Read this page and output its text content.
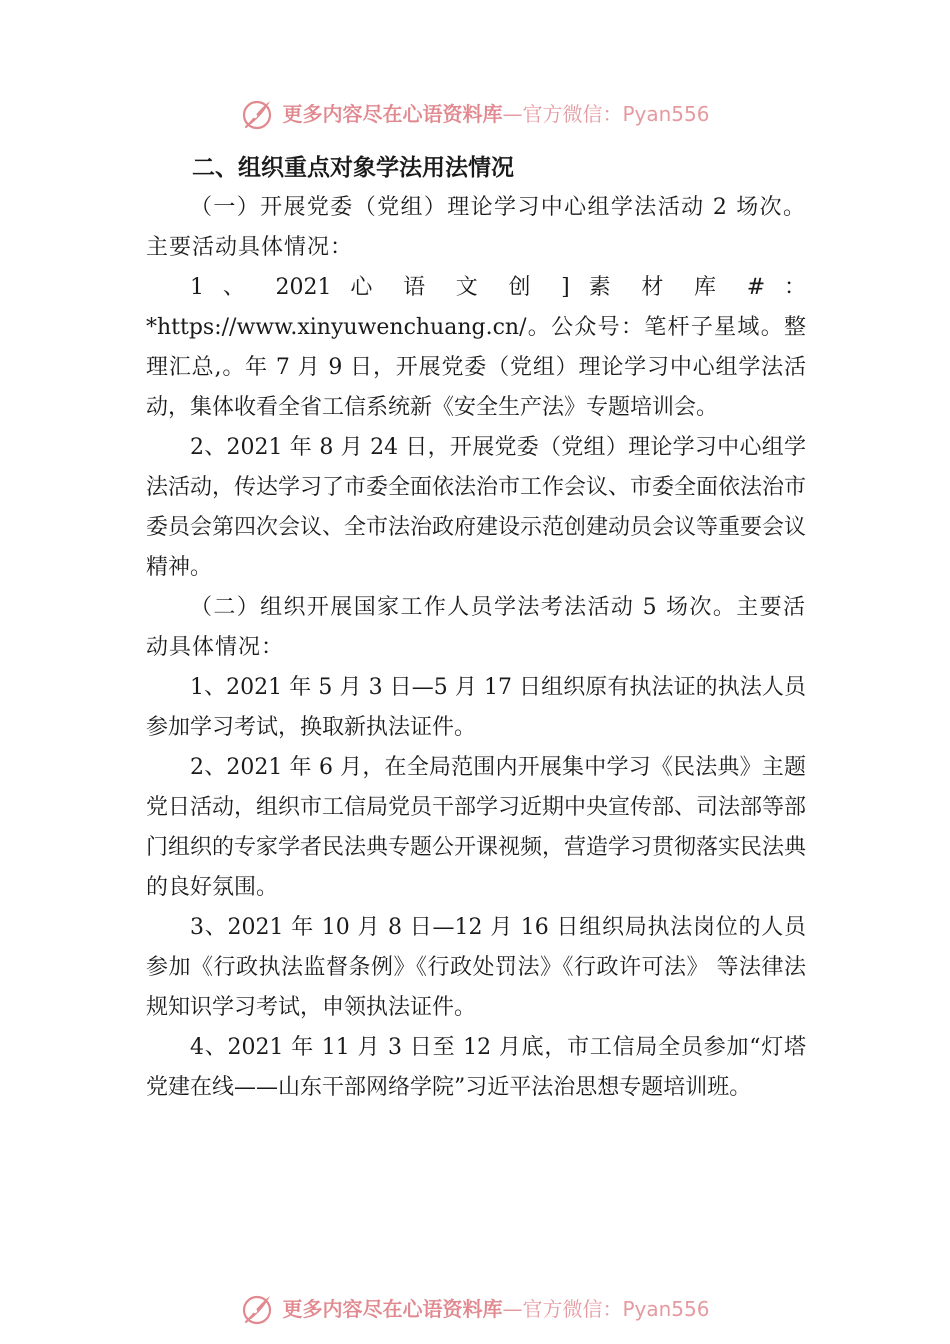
更多内容尽在心语资料库—官方微信：Pyan556

二、组织重点对象学法用法情况

（一）开展党委（党组）理论学习中心组学法活动 2 场次。主要活动具体情况：

1 、 2021 心 语 文 创 ] 素 材 库 # ：*https://www.xinyuwenchuang.cn/。公众号：笔杆子星域。整理汇总,。年 7 月 9 日，开展党委（党组）理论学习中心组学法活动，集体收看全省工信系统新《安全生产法》专题培训会。

2、2021 年 8 月 24 日，开展党委（党组）理论学习中心组学法活动，传达学习了市委全面依法治市工作会议、市委全面依法治市委员会第四次会议、全市法治政府建设示范创建动员会议等重要会议精神。

（二）组织开展国家工作人员学法考法活动 5 场次。主要活动具体情况：

1、2021 年 5 月 3 日—5 月 17 日组织原有执法证的执法人员参加学习考试，换取新执法证件。

2、2021 年 6 月，在全局范围内开展集中学习《民法典》主题党日活动，组织市工信局党员干部学习近期中央宣传部、司法部等部门组织的专家学者民法典专题公开课视频，营造学习贯彻落实民法典的良好氛围。

3、2021 年 10 月 8 日—12 月 16 日组织局执法岗位的人员参加《行政执法监督条例》《行政处罚法》《行政许可法》 等法律法规知识学习考试，申领执法证件。

4、2021 年 11 月 3 日至 12 月底，市工信局全员参加“灯塔党建在线——山东干部网络学院”习近平法治思想专题培训班。

更多内容尽在心语资料库—官方微信：Pyan556
